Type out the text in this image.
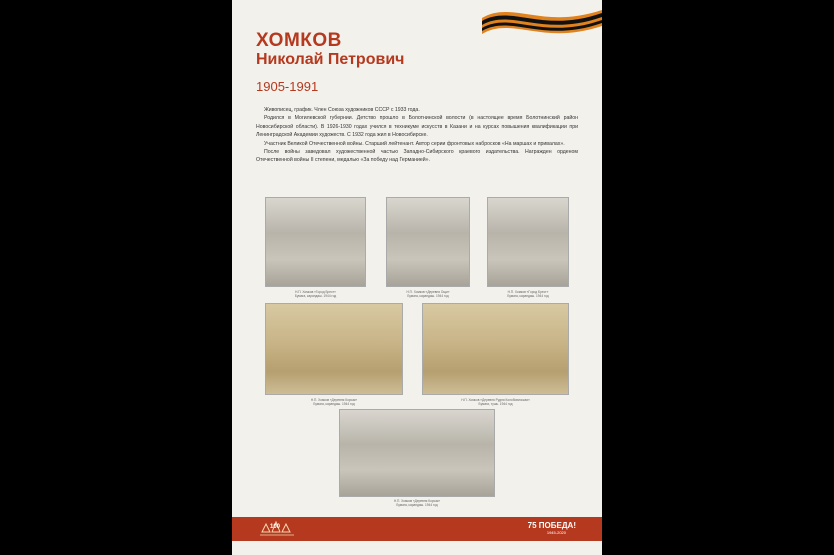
ХОМКОВ
Николай Петрович
1905-1991

Живописец, график. Член Союза художников СССР с 1933 года.

Родился в Могилевской губернии. Детство прошло в Болотнинской волости (в настоящее время Болотнинский район Новосибирской области). В 1926-1930 годах учился в техникуме искусств в Казани и на курсах повышения квалификации при Ленинградской Академии художеств. С 1932 года жил в Новосибирске.

Участник Великой Отечественной войны. Старший лейтенант. Автор серии фронтовых набросков «На маршах и привалах».

После войны заведовал художественной частью Западно-Сибирского краевого издательства. Награжден орденом Отечественной войны II степени, медалью «За победу над Германией».

Н.П. Хомков «Город Брест»
Бумага, карандаш. 1944 год
Н.П. Хомков «Деревня Ощи»
Бумага, карандаш. 1944 год
Н.П. Хомков «Город Брест»
Бумага, карандаш. 1944 год
Н.П. Хомков «Деревня Корсак»
Бумага, карандаш. 1944 год
Н.П. Хомков «Деревня Рудня Колобовичская»
Бумага, тушь. 1944 год
Н.П. Хомков «Деревня Корсак»
Бумага, карандаш. 1944 год
100	75 ПОБЕДА!
1945-2020
